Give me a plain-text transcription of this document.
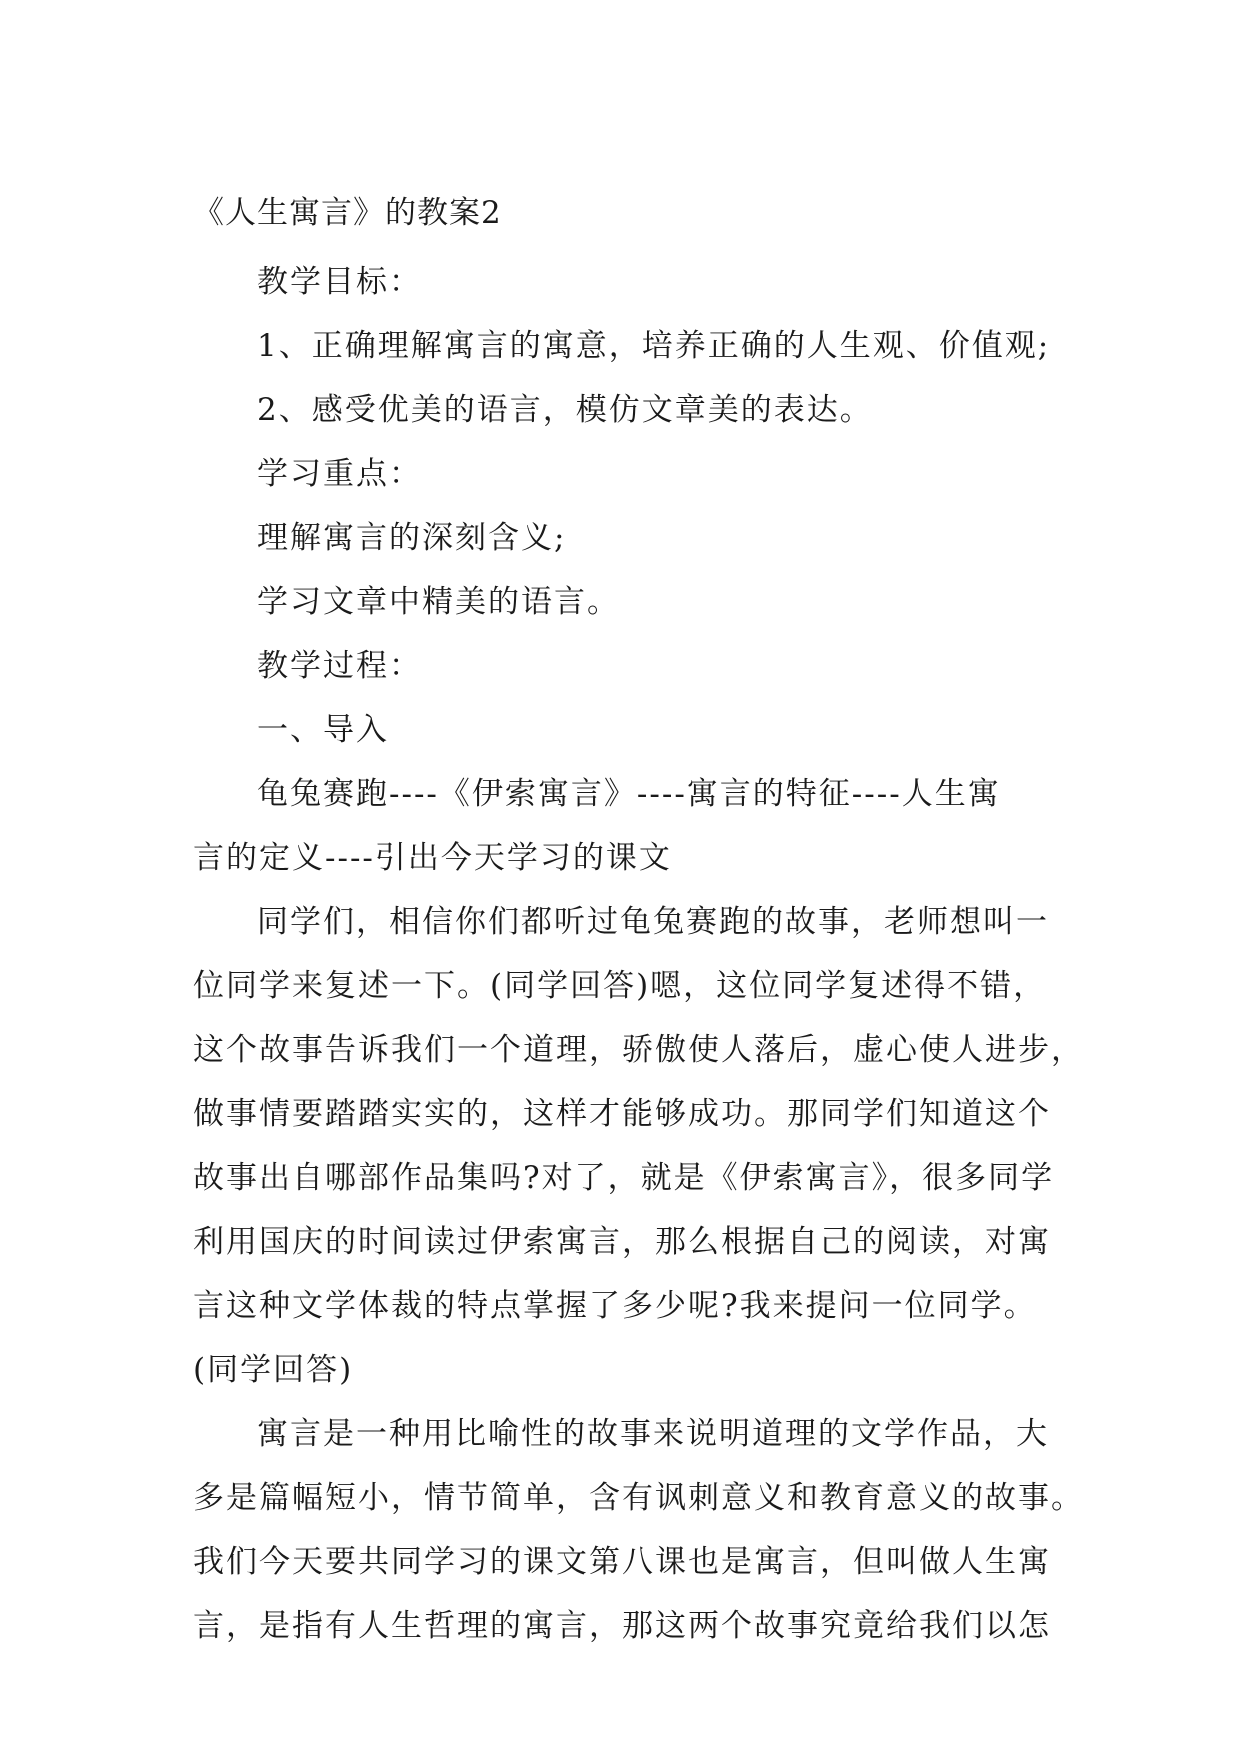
《人生寓言》的教案2
教学目标：
1、正确理解寓言的寓意，培养正确的人生观、价值观;
2、感受优美的语言，模仿文章美的表达。
学习重点：
理解寓言的深刻含义;
学习文章中精美的语言。
教学过程：
一、导入
龟兔赛跑----《伊索寓言》----寓言的特征----人生寓
言的定义----引出今天学习的课文
同学们，相信你们都听过龟兔赛跑的故事，老师想叫一
位同学来复述一下。(同学回答)嗯，这位同学复述得不错，
这个故事告诉我们一个道理，骄傲使人落后，虚心使人进步，
做事情要踏踏实实的，这样才能够成功。那同学们知道这个
故事出自哪部作品集吗?对了，就是《伊索寓言》，很多同学
利用国庆的时间读过伊索寓言，那么根据自己的阅读，对寓
言这种文学体裁的特点掌握了多少呢?我来提问一位同学。
(同学回答)
寓言是一种用比喻性的故事来说明道理的文学作品，大
多是篇幅短小，情节简单，含有讽刺意义和教育意义的故事。
我们今天要共同学习的课文第八课也是寓言，但叫做人生寓
言，是指有人生哲理的寓言，那这两个故事究竟给我们以怎
